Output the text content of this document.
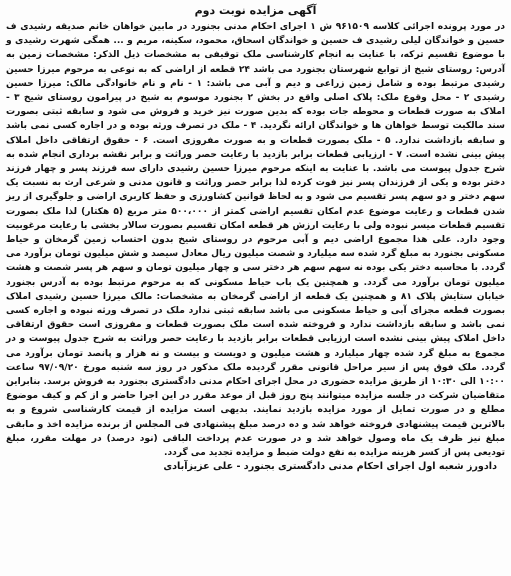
آگهی مزایده نوبت دوم

در مورد پرونده اجرائی کلاسه ۹۶۱۵۰۹ ش ۱ اجرای احکام مدنی بجنورد در مابین خواهان خانم صدیقه رشیدی ف حسین و خواندگان لیلی رشیدی ف حسین و خواندگان اسحاق، محمود، سکینه، مریم و ... همگی شهرت رشیدی و با موضوع تقسیم ترکه، با عنایت به انجام کارشناسی ملک توقیفی به مشخصات ذیل الذکر: مشخصات زمین به آدرس: روستای شیخ از توابع شهرستان بجنورد می باشد ۲۴ قطعه از اراضی که به نوعی به مرحوم میرزا حسین رشیدی مرتبط بوده و شامل زمین زراعی و دیم و آبی می باشد: ۱ - نام و نام خانوادگی مالک: میرزا حسین رشیدی ۲ - محل وقوع ملک: پلاک اصلی واقع در بخش ۲ بجنورد موسوم به شیخ در پیرامون روستای شیخ ۳ - املاک به صورت قطعات و محوطه جات بوده که بدین صورت نیز خرید و فروش می شود و سابقه ثبتی بصورت سند مالکیت توسط خواهان ها و خواندگان ارائه نگردید. ۴ - ملک در تصرف ورثه بوده و در اجاره کسی نمی باشد و سابقه بازداشت ندارد. ۵ - ملک بصورت قطعات و به صورت مفروزی است. ۶ - حقوق ارتفاقی داخل املاک پیش بینی نشده است. ۷ - ارزیابی قطعات برابر بازدید با رعایت حصر وراثت و برابر نقشه برداری انجام شده به شرح جدول پیوست می باشد. با عنایت به اینکه مرحوم میرزا حسین رشیدی دارای سه فرزند پسر و چهار فرزند دختر بوده و یکی از فرزندان پسر نیز فوت کرده لذا برابر حصر وراثت و قانون مدنی و شرعی ارث به نسبت یک سهم دختر و دو سهم پسر تقسیم می شود و به لحاظ قوانین کشاورزی و حفظ کاربری اراضی و جلوگیری از ریز شدن قطعات و رعایت موضوع عدم امکان تقسیم اراضی کمتر از ۵۰۰،۰۰۰ متر مربع (۵ هکتار) لذا ملک بصورت تقسیم قطعات میسر نبوده ولی با رعایت ارزش هر قطعه امکان تقسیم بصورت سالار بخشی با رعایت مرغوبیت وجود دارد. علی هذا مجموع اراضی دیم و آبی مرحوم در روستای شیخ بدون احتساب زمین گرمخان و حیاط مسکونی بجنورد به مبلغ گرد شده سه میلیارد و شصت میلیون ریال معادل سیصد و شش میلیون تومان برآورد می گردد. با محاسبه دختر یکی بوده نه سهم سهم هر دختر سی و چهار میلیون تومان و سهم هر پسر شصت و هشت میلیون تومان برآورد می گردد. و همچنین یک باب حیاط مسکونی که به مرحوم مرتبط بوده به آدرس بجنورد خیابان ستایش پلاک ۸۱ و همچنین یک قطعه از اراضی گرمخان به مشخصات: مالک میرزا حسین رشیدی املاک بصورت قطعه مجزای آبی و حیاط مسکونی می باشد سابقه ثبتی ندارد ملک در تصرف ورثه نبوده و اجاره کسی نمی باشد و سابقه بازداشت ندارد و فروخته شده است ملک بصورت قطعات و مفروزی است حقوق ارتفاقی داخل املاک پیش بینی نشده است ارزیابی قطعات برابر بازدید با رعایت حصر وراثت به شرح جدول پیوست و در مجموع به مبلغ گرد شده چهار میلیارد و هشت میلیون و دویست و بیست و نه هزار و پانصد تومان برآورد می گردد. ملک فوق پس از سیر مراحل قانونی مقرر گردیده ملک مذکور در روز سه شنبه مورخ ۹۷/۰۹/۲۰ ساعت ۱۰:۰۰ الی ۱۰:۳۰ از طریق مزایده حضوری در محل اجرای احکام مدنی دادگستری بجنورد به فروش برسد. بنابراین متقاضیان شرکت در جلسه مزایده میتوانند پنج روز قبل از موعد مقرر در این اجرا حاضر و از کم و کیف موضوع مطلع و در صورت تمایل از مورد مزایده بازدید نمایند. بدیهی است مزایده از قیمت کارشناسی شروع و به بالاترین قیمت پیشنهادی فروخته خواهد شد و ده درصد مبلغ پیشنهادی فی المجلس از برنده مزایده اخذ و مابقی مبلغ نیز ظرف یک ماه وصول خواهد شد و در صورت عدم پرداخت الباقی (نود درصد) در مهلت مقرر، مبلغ تودیعی پس از کسر هزینه مزایده به نفع دولت ضبط و مزایده تجدید می گردد.

دادورز شعبه اول اجرای احکام مدنی دادگستری بجنورد - علی عزیزآبادی
